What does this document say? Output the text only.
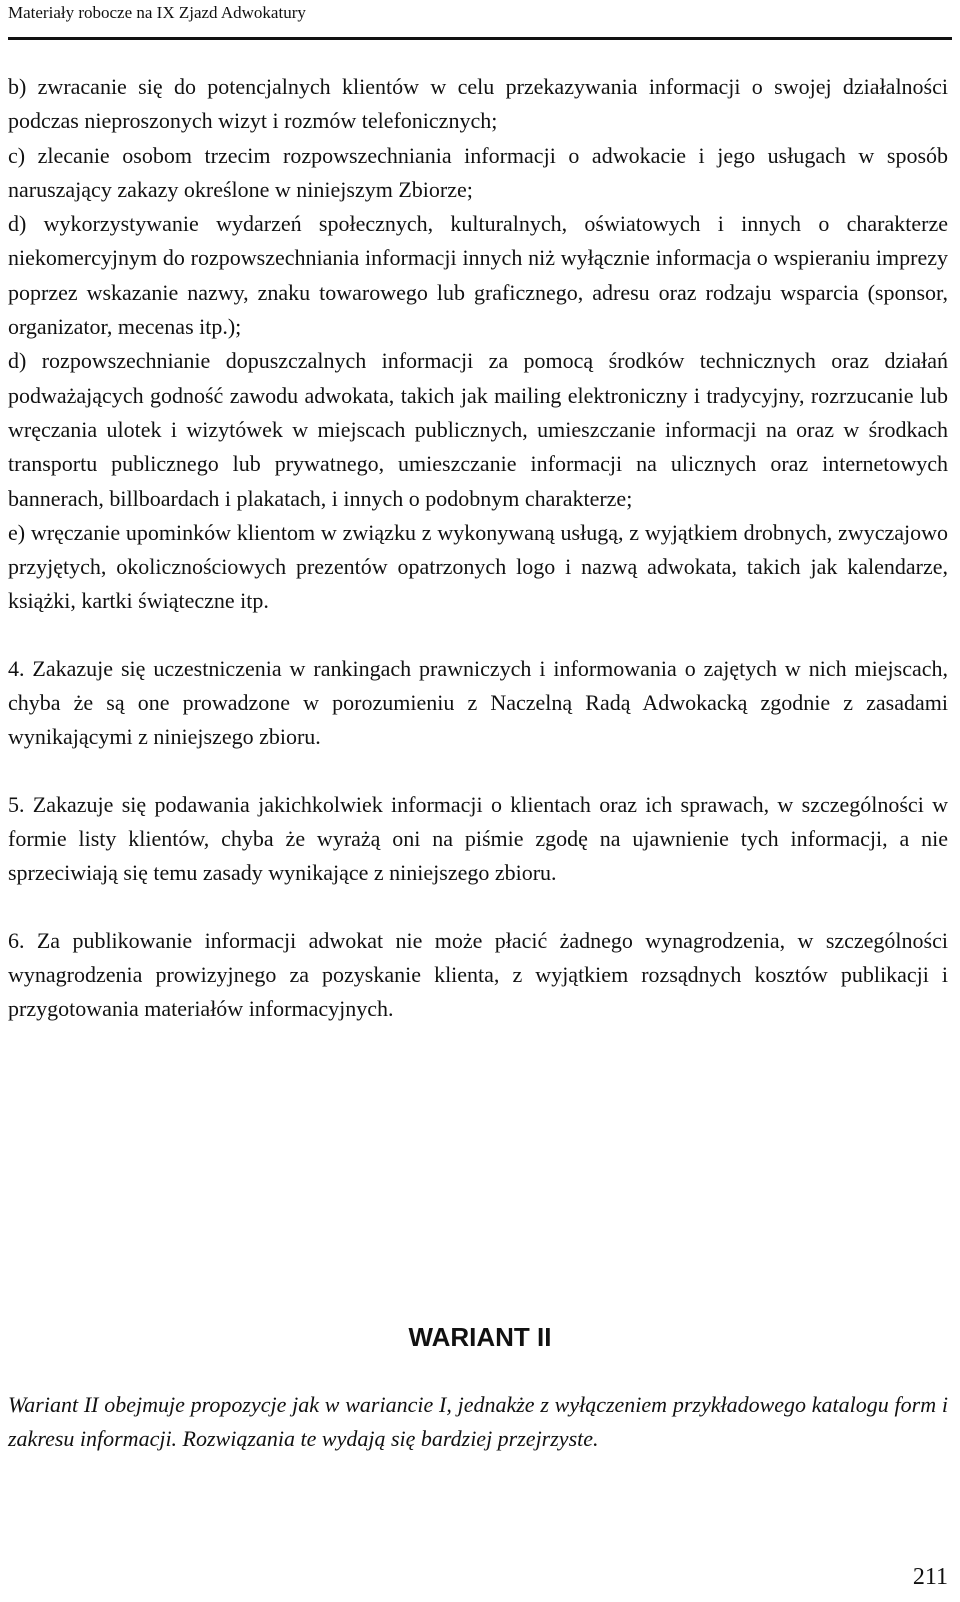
Materiały robocze na IX Zjazd Adwokatury

b) zwracanie się do potencjalnych klientów w celu przekazywania informacji o swojej działalności podczas nieproszonych wizyt i rozmów telefonicznych;

c) zlecanie osobom trzecim rozpowszechniania informacji o adwokacie i jego usługach w sposób naruszający zakazy określone w niniejszym Zbiorze;

d) wykorzystywanie wydarzeń społecznych, kulturalnych, oświatowych i innych o charakterze niekomercyjnym do rozpowszechniania informacji innych niż wyłącznie informacja o wspieraniu imprezy poprzez wskazanie nazwy, znaku towarowego lub graficznego, adresu oraz rodzaju wsparcia (sponsor, organizator, mecenas itp.);

d) rozpowszechnianie dopuszczalnych informacji za pomocą środków technicznych oraz działań podważających godność zawodu adwokata, takich jak mailing elektroniczny i tradycyjny, rozrzucanie lub wręczania ulotek i wizytówek w miejscach publicznych, umieszczanie informacji na oraz w środkach transportu publicznego lub prywatnego, umieszczanie informacji na ulicznych oraz internetowych bannerach, billboardach i plakatach, i innych o podobnym charakterze;

e) wręczanie upominków klientom w związku z wykonywaną usługą, z wyjątkiem drobnych, zwyczajowo przyjętych, okolicznościowych prezentów opatrzonych logo i nazwą adwokata, takich jak kalendarze, książki, kartki świąteczne itp.

4. Zakazuje się uczestniczenia w rankingach prawniczych i informowania o zajętych w nich miejscach, chyba że są one prowadzone w porozumieniu z Naczelną Radą Adwokacką zgodnie z zasadami wynikającymi z niniejszego zbioru.

5. Zakazuje się podawania jakichkolwiek informacji o klientach oraz ich sprawach, w szczególności w formie listy klientów, chyba że wyrażą oni na piśmie zgodę na ujawnienie tych informacji, a nie sprzeciwiają się temu zasady wynikające z niniejszego zbioru.

6. Za publikowanie informacji adwokat nie może płacić żadnego wynagrodzenia, w szczególności wynagrodzenia prowizyjnego za pozyskanie klienta, z wyjątkiem rozsądnych kosztów publikacji i przygotowania materiałów informacyjnych.

WARIANT II
Wariant II obejmuje propozycje jak w wariancie I, jednakże z wyłączeniem przykładowego katalogu form i zakresu informacji. Rozwiązania te wydają się bardziej przejrzyste.
211
